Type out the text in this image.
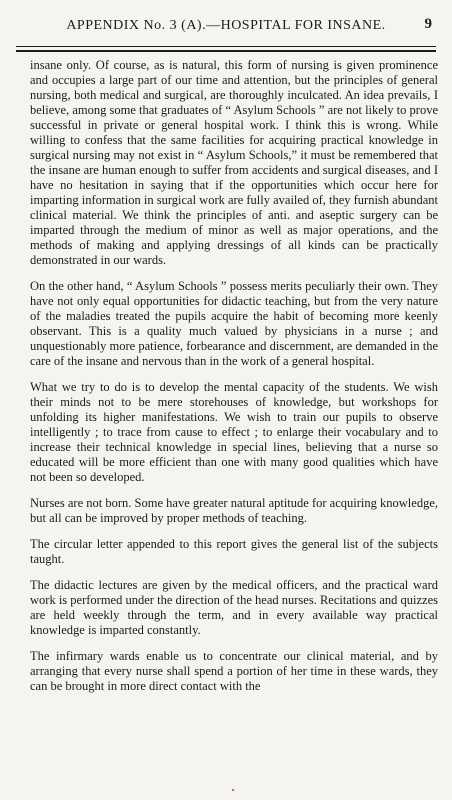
APPENDIX No. 3 (A).—HOSPITAL FOR INSANE.	9

insane only. Of course, as is natural, this form of nursing is given prominence and occupies a large part of our time and attention, but the principles of general nursing, both medical and surgical, are thoroughly inculcated. An idea prevails, I believe, among some that graduates of “ Asylum Schools ” are not likely to prove successful in private or general hospital work. I think this is wrong. While willing to confess that the same facilities for acquiring practical knowledge in surgical nursing may not exist in “ Asylum Schools,” it must be remembered that the insane are human enough to suffer from accidents and surgical diseases, and I have no hesitation in saying that if the opportunities which occur here for imparting information in surgical work are fully availed of, they furnish abundant clinical material. We think the principles of anti. and aseptic surgery can be imparted through the medium of minor as well as major operations, and the methods of making and applying dressings of all kinds can be practically demonstrated in our wards.

On the other hand, “ Asylum Schools ” possess merits peculiarly their own. They have not only equal opportunities for didactic teaching, but from the very nature of the maladies treated the pupils acquire the habit of becoming more keenly observant. This is a quality much valued by physicians in a nurse ; and unquestionably more patience, forbearance and discernment, are demanded in the care of the insane and nervous than in the work of a general hospital.

What we try to do is to develop the mental capacity of the students. We wish their minds not to be mere storehouses of knowledge, but workshops for unfolding its higher manifestations. We wish to train our pupils to observe intelligently ; to trace from cause to effect ; to enlarge their vocabulary and to increase their technical knowledge in special lines, believing that a nurse so educated will be more efficient than one with many good qualities which have not been so developed.

Nurses are not born. Some have greater natural aptitude for acquiring knowledge, but all can be improved by proper methods of teaching.

The circular letter appended to this report gives the general list of the subjects taught.

The didactic lectures are given by the medical officers, and the practical ward work is performed under the direction of the head nurses. Recitations and quizzes are held weekly through the term, and in every available way practical knowledge is imparted constantly.

The infirmary wards enable us to concentrate our clinical material, and by arranging that every nurse shall spend a portion of her time in these wards, they can be brought in more direct contact with the
